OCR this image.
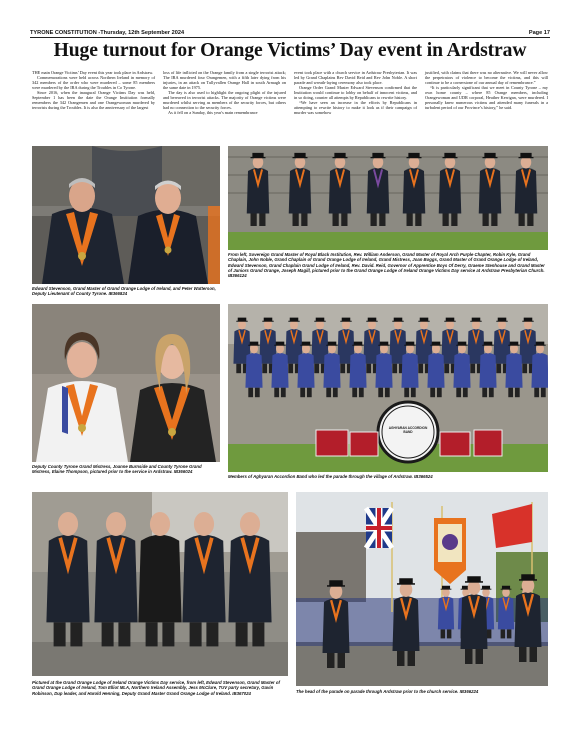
TYRONE CONSTITUTION -Thursday, 12th September 2024	Page 17
Huge turnout for Orange Victims’ Day event in Ardstraw

THE main Orange Victims’ Day event this year took place in Ardstraw.

Commemorations were held across Northern Ireland in memory of 342 members of the order who were murdered – some 85 members were murdered by the IRA during the Troubles in Co Tyrone.

Since 2016, when the inaugural Orange Victims Day was held, September 1 has been the date the Orange Institution formally remembers the 342 Orangemen and one Orangewoman murdered by terrorists during the Troubles. It is also the anniversary of the largest

loss of life inflicted on the Orange family from a single terrorist attack; The IRA murdered four Orangemen, with a fifth later dying from his injuries, in an attack on Tullyvallen Orange Hall in south Armagh on the same date in 1975.

The day is also used to highlight the ongoing plight of the injured and bereaved in terrorist attacks. The majority of Orange victims were murdered whilst serving as members of the security forces, but others had no connection to the security forces.

As it fell on a Sunday, this year's main remembrance

event took place with a church service in Ardstraw Presbyterian. It was led by Grand Chaplains Rev David Reid and Rev John Noble. A short parade and wreath-laying ceremony also took place.

Orange Order Grand Master Edward Stevenson confirmed that the Institution would continue to lobby on behalf of innocent victims, and in so doing, counter all attempts by Republicans to rewrite history.

“We have seen an increase in the efforts by Republicans in attempting to rewrite history to make it look as if their campaign of murder was somehow

justified, with claims that there was no alternative. We will never allow the perpetrators of violence to become the victims, and this will continue to be a cornerstone of our annual day of remembrance.”

“It is particularly significant that we meet in County Tyrone – my own home county – where 85 Orange members, including Orangewoman and UDR corporal, Heather Kerrigan, were murdered. I personally knew numerous victims and attended many funerals in a turbulent period of our Province’s history,” he said.

Edward Stevenson, Grand Master of Grand Orange Lodge of Ireland, and Peter Watterson, Deputy Lieutenant of County Tyrone. IB366824
From left, Sovereign Grand Master of Royal Black Institution, Rev. William Anderson, Grand Master of Royal Arch Purple Chapter, Robin Kyle, Grand Chaplain, John Noble, Grand Chaplain of Grand Orange Lodge of Ireland, Grand Mistress, Joan Boggs, Grand Master of Grand Orange Lodge of Ireland, Edward Stevenson, Grand Chaplain Grand Lodge of Ireland, Rev. David. Reid, Governor of Apprentice Boys Of Derry, Graeme Stenhouse and Grand Master of Juniors Grand Orange, Joseph Magill, pictured prior to the Grand Orange Lodge of Ireland Orange Victims Day service at Ardstraw Presbyterian Church. IB366124
Deputy County Tyrone Grand Mistress, Joanne Burnside and County Tyrone Grand Mistress, Elaine Thompson, pictured prior to the service in Ardstraw. IB366024
AGHYARAN ACCORDION BAND
Members of Aghyaran Accordion Band who led the parade through the village of Ardstraw. IB366524
Pictured at the Grand Orange Lodge of Ireland Orange Victims Day service, from left, Edward Stevenson, Grand Master of Grand Orange Lodge of Ireland, Tom Elliot MLA, Northern Ireland Assembly, Jess McClure, TUV party secretary, Gavin Robinson, Dup leader, and Harold Henning, Deputy Grand Master Grand Orange Lodge of Ireland. IB367024	The head of the parade on parade through Ardstraw prior to the church service. IB366224
